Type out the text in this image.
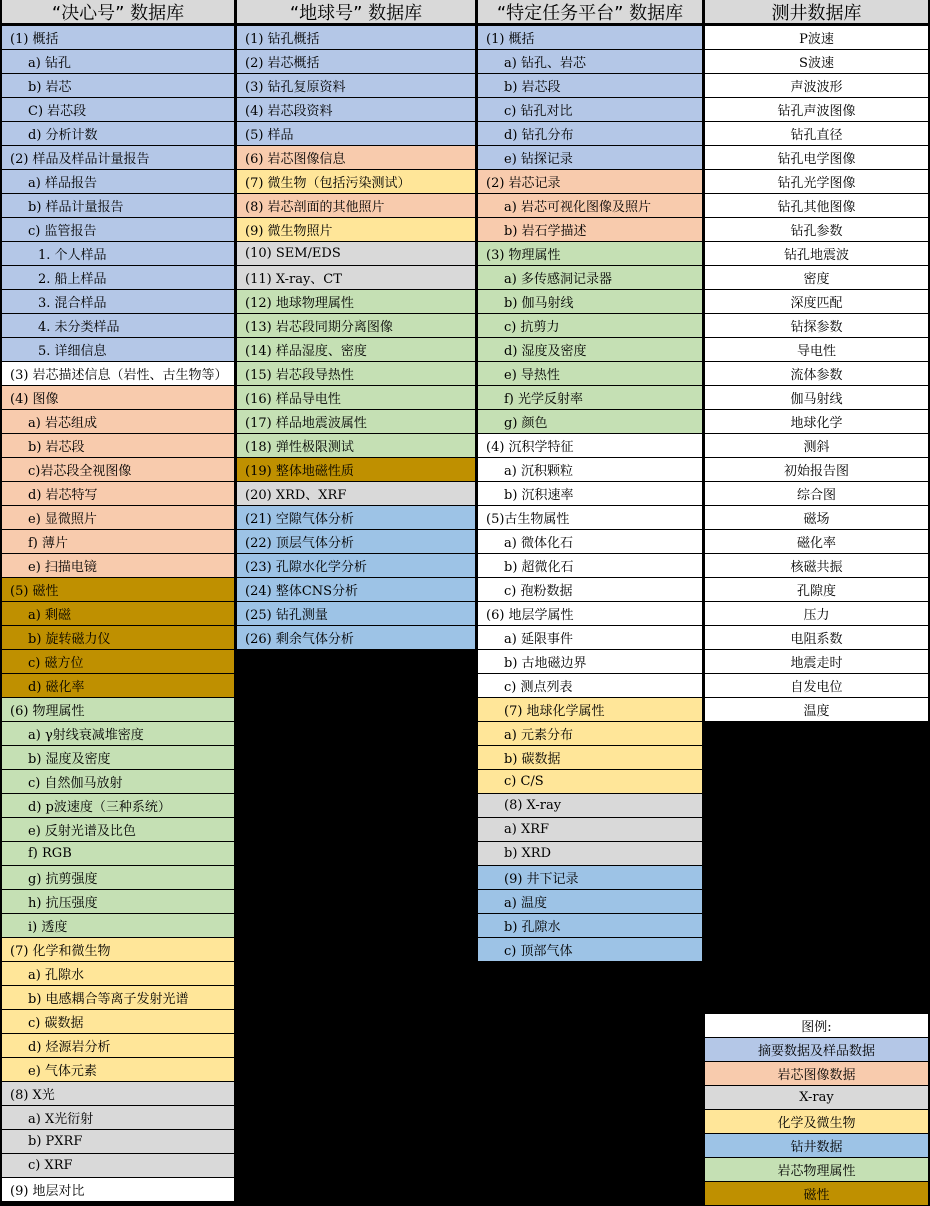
“决心号” 数据库
(1) 概括
a) 钻孔
b) 岩芯
C) 岩芯段
d) 分析计数
(2) 样品及样品计量报告
a) 样品报告
b) 样品计量报告
c) 监管报告
1. 个人样品
2. 船上样品
3. 混合样品
4. 未分类样品
5. 详细信息
(3) 岩芯描述信息（岩性、古生物等）
(4) 图像
a) 岩芯组成
b) 岩芯段
c)岩芯段全视图像
d) 岩芯特写
e) 显微照片
f) 薄片
e) 扫描电镜
(5) 磁性
a) 剩磁
b) 旋转磁力仪
c) 磁方位
d) 磁化率
(6) 物理属性
a) γ射线衰减堆密度
b) 湿度及密度
c) 自然伽马放射
d) p波速度（三种系统）
e) 反射光谱及比色
f) RGB
g) 抗剪强度
h) 抗压强度
i) 透度
(7) 化学和微生物
a) 孔隙水
b) 电感耦合等离子发射光谱
c) 碳数据
d) 烃源岩分析
e) 气体元素
(8) X光
a) X光衍射
b) PXRF
c) XRF
(9) 地层对比
“地球号” 数据库
(1) 钻孔概括
(2) 岩芯概括
(3) 钻孔复原资料
(4) 岩芯段资料
(5) 样品
(6) 岩芯图像信息
(7) 微生物（包括污染测试）
(8) 岩芯剖面的其他照片
(9) 微生物照片
(10) SEM/EDS
(11) X-ray、CT
(12) 地球物理属性
(13) 岩芯段同期分离图像
(14) 样品湿度、密度
(15) 岩芯段导热性
(16) 样品导电性
(17) 样品地震波属性
(18) 弹性极限测试
(19) 整体地磁性质
(20) XRD、XRF
(21) 空隙气体分析
(22) 顶层气体分析
(23) 孔隙水化学分析
(24) 整体CNS分析
(25) 钻孔测量
(26) 剩余气体分析
“特定任务平台” 数据库
(1) 概括
a) 钻孔、岩芯
b) 岩芯段
c) 钻孔对比
d) 钻孔分布
e) 钻探记录
(2) 岩芯记录
a) 岩芯可视化图像及照片
b) 岩石学描述
(3) 物理属性
a) 多传感洞记录器
b) 伽马射线
c) 抗剪力
d) 湿度及密度
e) 导热性
f) 光学反射率
g) 颜色
(4) 沉积学特征
a) 沉积颗粒
b) 沉积速率
(5)古生物属性
a) 微体化石
b) 超微化石
c) 孢粉数据
(6) 地层学属性
a) 延限事件
b) 古地磁边界
c) 测点列表
(7) 地球化学属性
a) 元素分布
b) 碳数据
c) C/S
(8) X-ray
a) XRF
b) XRD
(9) 井下记录
a) 温度
b) 孔隙水
c) 顶部气体
测井数据库
P波速
S波速
声波波形
钻孔声波图像
钻孔直径
钻孔电学图像
钻孔光学图像
钻孔其他图像
钻孔参数
钻孔地震波
密度
深度匹配
钻探参数
导电性
流体参数
伽马射线
地球化学
测斜
初始报告图
综合图
磁场
磁化率
核磁共振
孔隙度
压力
电阻系数
地震走时
自发电位
温度
图例:
摘要数据及样品数据
岩芯图像数据
X-ray
化学及微生物
钻井数据
岩芯物理属性
磁性
